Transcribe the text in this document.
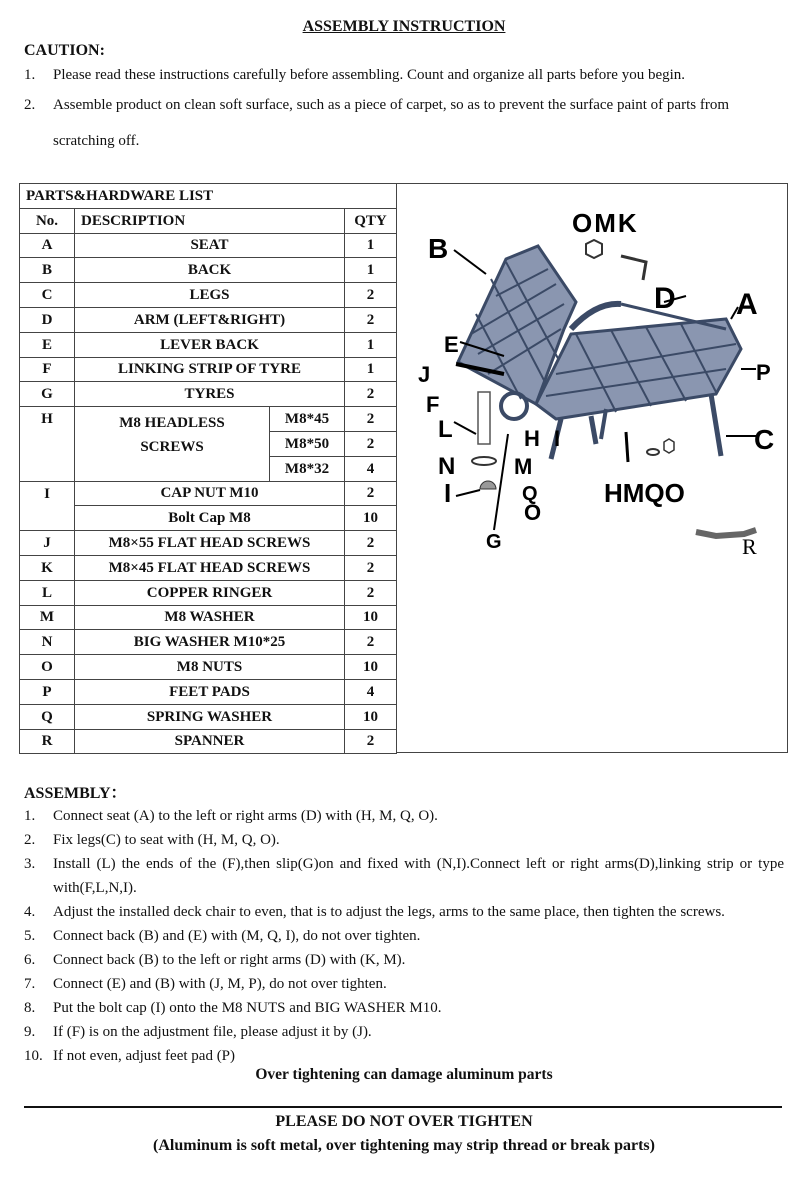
ASSEMBLY INSTRUCTION
CAUTION:
1. Please read these instructions carefully before assembling. Count and organize all parts before you begin.
2. Assemble product on clean soft surface, such as a piece of carpet, so as to prevent the surface paint of parts from
scratching off.
PARTS&HARDWARE LIST			
No.	DESCRIPTION		QTY
A	SEAT		1
B	BACK		1
C	LEGS		2
D	ARM (LEFT&RIGHT)		2
E	LEVER BACK		1
F	LINKING STRIP OF TYRE		1
G	TYRES		2
H	M8 HEADLESS
SCREWS	M8*45	2
		M8*50	2
		M8*32	4
I	CAP NUT M10		2
	Bolt Cap M8		10
J	M8×55 FLAT HEAD SCREWS		2
K	M8×45 FLAT HEAD SCREWS		2
L	COPPER RINGER		2
M	M8 WASHER		10
N	BIG WASHER M10*25		2
O	M8 NUTS		10
P	FEET PADS		4
Q	SPRING WASHER		10
R	SPANNER		2
B
OMK
D A
E
J	P
F
L	H I	C
N	M
Q
I
O
HMQO
G	R
ASSEMBLY：
1.	Connect seat (A) to the left or right arms (D) with (H, M, Q, O).
2.	Fix legs(C) to seat with (H, M, Q, O).
3.	Install (L) the ends of the (F),then slip(G)on and fixed with (N,I).Connect left or right arms(D),linking strip or type with(F,L,N,I).
4.	Adjust the installed deck chair to even, that is to adjust the legs, arms to the same place, then tighten the screws.
5.	Connect back (B) and (E) with (M, Q, I), do not over tighten.
6.	Connect back (B) to the left or right arms (D) with (K, M).
7.	Connect (E) and (B) with (J, M, P), do not over tighten.
8.	Put the bolt cap (I) onto the M8 NUTS and BIG WASHER M10.
9.	If (F) is on the adjustment file, please adjust it by (J).
10. If not even, adjust feet pad (P)
Over tightening can damage aluminum parts
PLEASE DO NOT OVER TIGHTEN
(Aluminum is soft metal, over tightening may strip thread or break parts)
